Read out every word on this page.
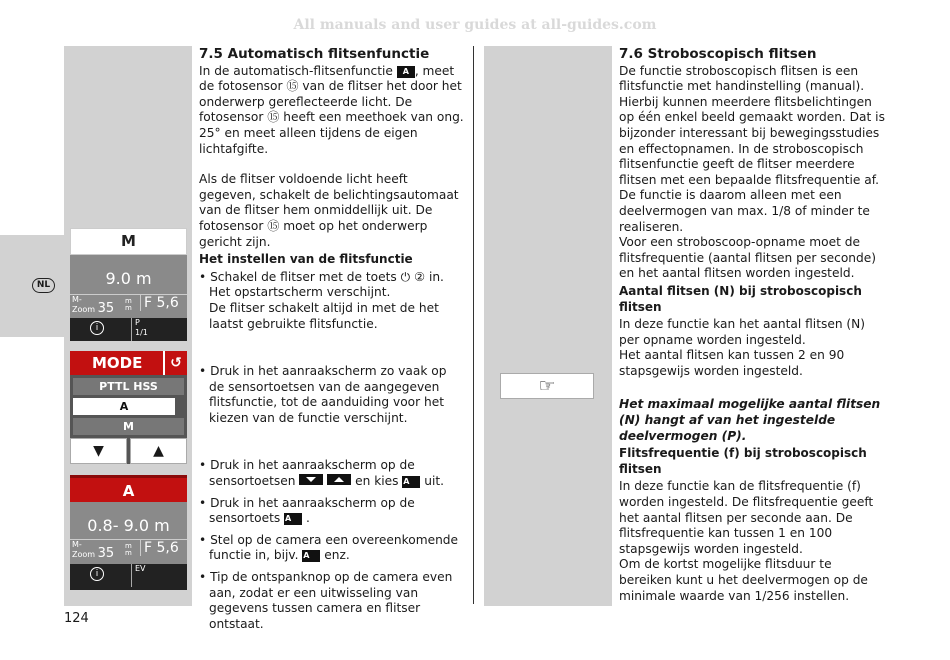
All manuals and user guides at all-guides.com
NL
M
9.0 m
M-
Zoom 35 m
m F 5,6
i
P
1/1
MODE	↺
PTTL HSS
A
M
▼	▲
A
0.8- 9.0 m
M-
Zoom 35 m
m F 5,6
i
EV
☞
7.5 Automatisch flitsenfunctie

In de automatisch-flitsenfunctie A , meet de fotosensor ⑮ van de flitser het door het onderwerp gereflecteerde licht. De fotosensor ⑮ heeft een meethoek van ong. 25° en meet alleen tijdens de eigen lichtafgifte.

Als de flitser voldoende licht heeft gegeven, schakelt de belichtingsautomaat van de flitser hem onmiddellijk uit. De fotosensor ⑮ moet op het onderwerp gericht zijn.

Het instellen van de flitsfunctie

• Schakel de flitser met de toets ⏻ ② in.

Het opstartscherm verschijnt.

De flitser schakelt altijd in met de het laatst gebruikte flitsfunctie.

• Druk in het aanraakscherm zo vaak op de sensortoetsen van de aangegeven flitsfunctie, tot de aanduiding voor het kiezen van de functie verschijnt.

• Druk in het aanraakscherm op de sensortoetsen	en kies A uit.

• Druk in het aanraakscherm op de sensortoets A .

• Stel op de camera een overeenkomende functie in, bijv. A enz.

• Tip de ontspanknop op de camera even aan, zodat er een uitwisseling van gegevens tussen camera en flitser ontstaat.

7.6 Stroboscopisch flitsen

De functie stroboscopisch flitsen is een flitsfunctie met handinstelling (manual). Hierbij kunnen meerdere flitsbelichtingen op één enkel beeld gemaakt worden. Dat is bijzonder interessant bij bewegingsstudies en effectopnamen. In de stroboscopisch flitsenfunctie geeft de flitser meerdere flitsen met een bepaalde flitsfrequentie af. De functie is daarom alleen met een deelvermogen van max. 1/8 of minder te realiseren.

Voor een stroboscoop-opname moet de flitsfrequentie (aantal flitsen per seconde) en het aantal flitsen worden ingesteld.

Aantal flitsen (N) bij stroboscopisch flitsen

In deze functie kan het aantal flitsen (N) per opname worden ingesteld.

Het aantal flitsen kan tussen 2 en 90 stapsgewijs worden ingesteld.

Het maximaal mogelijke aantal flitsen (N) hangt af van het ingestelde deelvermogen (P).

Flitsfrequentie (f) bij stroboscopisch flitsen

In deze functie kan de flitsfrequentie (f) worden ingesteld. De flitsfrequentie geeft het aantal flitsen per seconde aan. De flitsfrequentie kan tussen 1 en 100 stapsgewijs worden ingesteld.

Om de kortst mogelijke flitsduur te bereiken kunt u het deelvermogen op de minimale waarde van 1/256 instellen.

124
